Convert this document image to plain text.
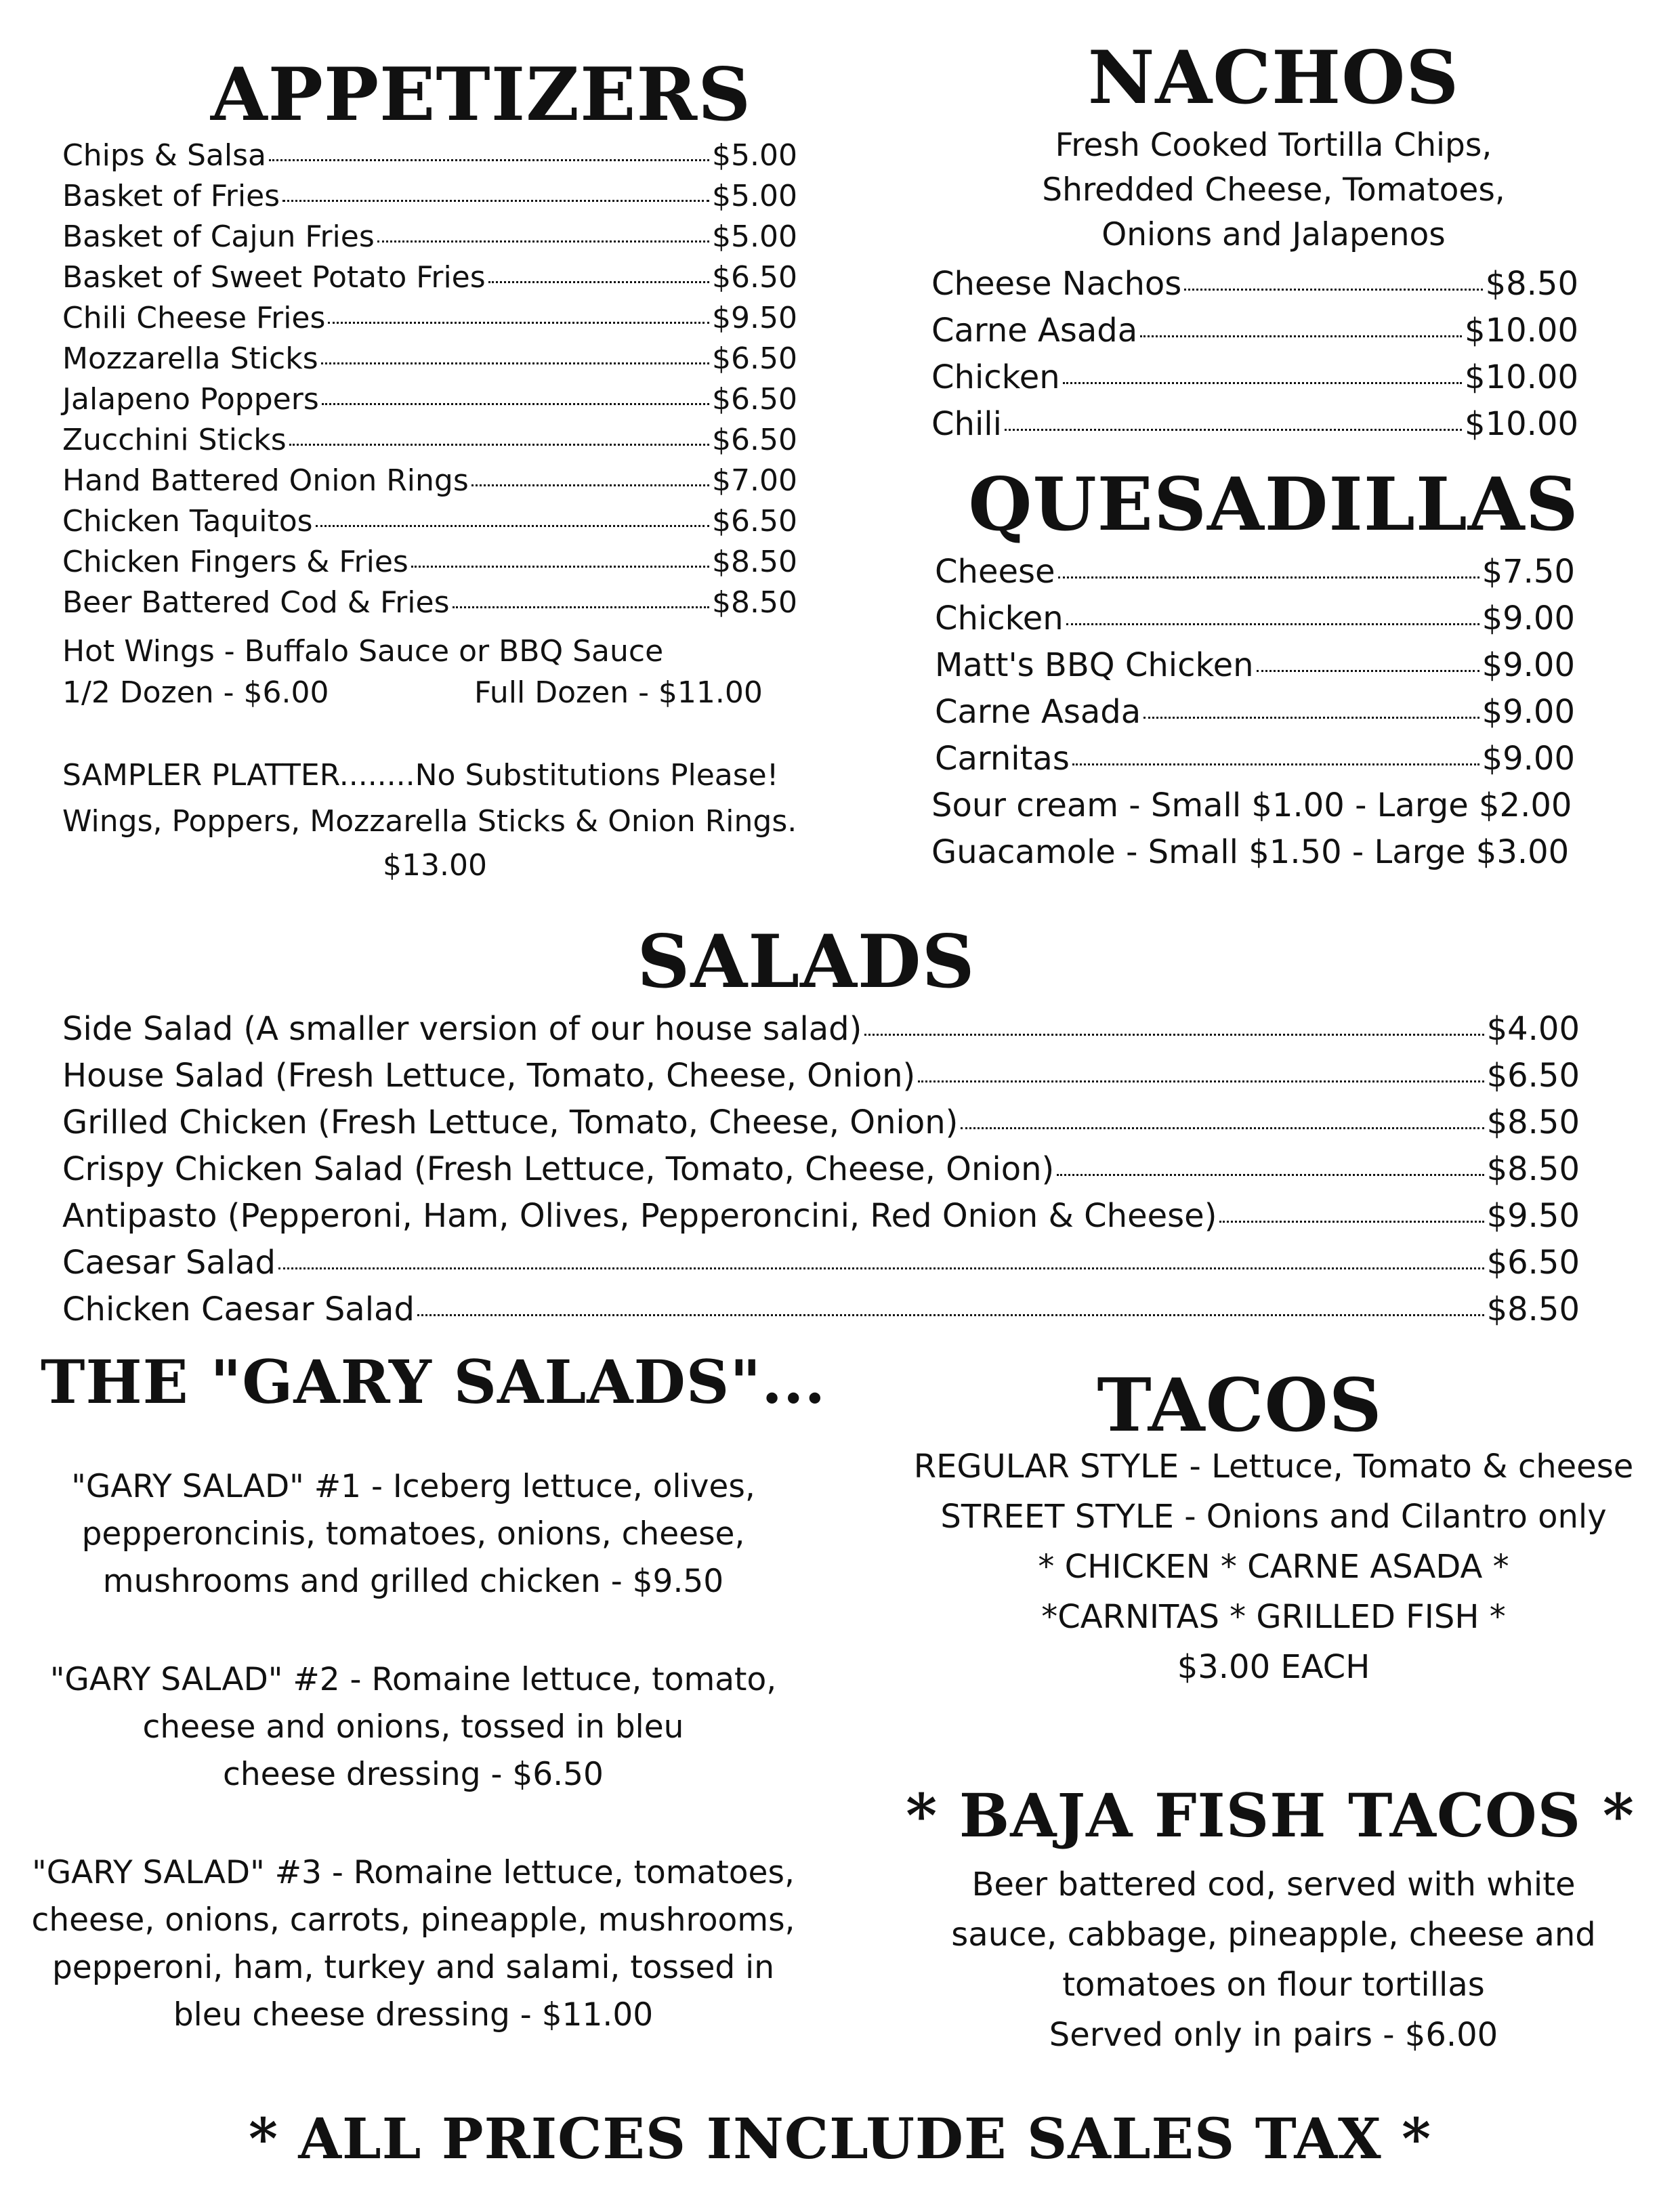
APPETIZERS
Chips & Salsa	$5.00
Basket of Fries	$5.00
Basket of Cajun Fries	$5.00
Basket of Sweet Potato Fries	$6.50
Chili Cheese Fries	$9.50
Mozzarella Sticks	$6.50
Jalapeno Poppers	$6.50
Zucchini Sticks	$6.50
Hand Battered Onion Rings	$7.00
Chicken Taquitos	$6.50
Chicken Fingers & Fries	$8.50
Beer Battered Cod & Fries	$8.50
Hot Wings - Buffalo Sauce or BBQ Sauce
1/2 Dozen - $6.00	Full Dozen - $11.00
SAMPLER PLATTER........No Substitutions Please!
Wings, Poppers, Mozzarella Sticks & Onion Rings.
$13.00
NACHOS
Fresh Cooked Tortilla Chips,
Shredded Cheese, Tomatoes,
Onions and Jalapenos
Cheese Nachos	$8.50
Carne Asada	$10.00
Chicken	$10.00
Chili	$10.00
QUESADILLAS
Cheese	$7.50
Chicken	$9.00
Matt's BBQ Chicken	$9.00
Carne Asada	$9.00
Carnitas	$9.00
Sour cream - Small $1.00 - Large $2.00
Guacamole - Small $1.50 - Large $3.00
SALADS
Side Salad (A smaller version of our house salad)	$4.00
House Salad (Fresh Lettuce, Tomato, Cheese, Onion)	$6.50
Grilled Chicken (Fresh Lettuce, Tomato, Cheese, Onion)	$8.50
Crispy Chicken Salad (Fresh Lettuce, Tomato, Cheese, Onion)	$8.50
Antipasto (Pepperoni, Ham, Olives, Pepperoncini, Red Onion & Cheese)	$9.50
Caesar Salad	$6.50
Chicken Caesar Salad	$8.50
THE "GARY SALADS"...
"GARY SALAD" #1 - Iceberg lettuce, olives,
pepperoncinis, tomatoes, onions, cheese,
mushrooms and grilled chicken - $9.50
"GARY SALAD" #2 - Romaine lettuce, tomato,
cheese and onions, tossed in bleu
cheese dressing - $6.50
"GARY SALAD" #3 - Romaine lettuce, tomatoes,
cheese, onions, carrots, pineapple, mushrooms,
pepperoni, ham, turkey and salami, tossed in
bleu cheese dressing - $11.00
TACOS
REGULAR STYLE - Lettuce, Tomato & cheese
STREET STYLE - Onions and Cilantro only
* CHICKEN * CARNE ASADA *
*CARNITAS * GRILLED FISH *
$3.00 EACH
* BAJA FISH TACOS *
Beer battered cod, served with white
sauce, cabbage, pineapple, cheese and
tomatoes on flour tortillas
Served only in pairs - $6.00
* ALL PRICES INCLUDE SALES TAX *
